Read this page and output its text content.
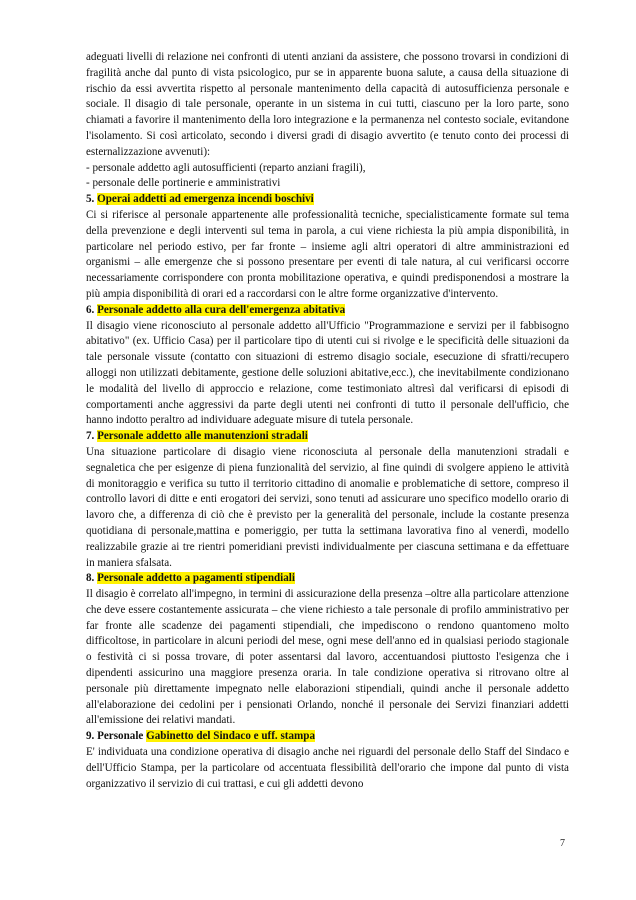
adeguati livelli di relazione nei confronti di utenti anziani da assistere, che possono trovarsi in condizioni di fragilità anche dal punto di vista psicologico, pur se in apparente buona salute, a causa della situazione di rischio da essi avvertita rispetto al personale mantenimento della capacità di autosufficienza personale e sociale. Il disagio di tale personale, operante in un sistema in cui tutti, ciascuno per la loro parte, sono chiamati a favorire il mantenimento della loro integrazione e la permanenza nel contesto sociale, evitandone l'isolamento. Si così articolato, secondo i diversi gradi di disagio avvertito (e tenuto conto dei processi di esternalizzazione avvenuti):

- personale addetto agli autosufficienti (reparto anziani fragili),

- personale delle portinerie e amministrativi

5. Operai addetti ad emergenza incendi boschivi

Ci si riferisce al personale appartenente alle professionalità tecniche, specialisticamente formate sul tema della prevenzione e degli interventi sul tema in parola, a cui viene richiesta la più ampia disponibilità, in particolare nel periodo estivo, per far fronte – insieme agli altri operatori di altre amministrazioni ed organismi – alle emergenze che si possono presentare per eventi di tale natura, al cui verificarsi occorre necessariamente corrispondere con pronta mobilitazione operativa, e quindi predisponendosi a mostrare la più ampia disponibilità di orari ed a raccordarsi con le altre forme organizzative d'intervento.

6. Personale addetto alla cura dell'emergenza abitativa

Il disagio viene riconosciuto al personale addetto all'Ufficio "Programmazione e servizi per il fabbisogno abitativo" (ex. Ufficio Casa) per il particolare tipo di utenti cui si rivolge e le specificità delle situazioni da tale personale vissute (contatto con situazioni di estremo disagio sociale, esecuzione di sfratti/recupero alloggi non utilizzati debitamente, gestione delle soluzioni abitative,ecc.), che inevitabilmente condizionano le modalità del livello di approccio e relazione, come testimoniato altresì dal verificarsi di episodi di comportamenti anche aggressivi da parte degli utenti nei confronti di tutto il personale dell'ufficio, che hanno indotto peraltro ad individuare adeguate misure di tutela personale.

7. Personale addetto alle manutenzioni stradali

Una situazione particolare di disagio viene riconosciuta al personale della manutenzioni stradali e segnaletica che per esigenze di piena funzionalità del servizio, al fine quindi di svolgere appieno le attività di monitoraggio e verifica su tutto il territorio cittadino di anomalie e problematiche di settore, compreso il controllo lavori di ditte e enti erogatori dei servizi, sono tenuti ad assicurare uno specifico modello orario di lavoro che, a differenza di ciò che è previsto per la generalità del personale, include la costante presenza quotidiana di personale,mattina e pomeriggio, per tutta la settimana lavorativa fino al venerdì, modello realizzabile grazie ai tre rientri pomeridiani previsti individualmente per ciascuna settimana e da effettuare in maniera sfalsata.

8. Personale addetto a pagamenti stipendiali

Il disagio è correlato all'impegno, in termini di assicurazione della presenza –oltre alla particolare attenzione che deve essere costantemente assicurata – che viene richiesto a tale personale di profilo amministrativo per far fronte alle scadenze dei pagamenti stipendiali, che impediscono o rendono quantomeno molto difficoltose, in particolare in alcuni periodi del mese, ogni mese dell'anno ed in qualsiasi periodo stagionale o festività ci si possa trovare, di poter assentarsi dal lavoro, accentuandosi piuttosto l'esigenza che i dipendenti assicurino una maggiore presenza oraria. In tale condizione operativa si ritrovano oltre al personale più direttamente impegnato nelle elaborazioni stipendiali, quindi anche il personale addetto all'elaborazione dei cedolini per i pensionati Orlando, nonché il personale dei Servizi finanziari addetti all'emissione dei relativi mandati.

9. Personale Gabinetto del Sindaco e uff. stampa

E' individuata una condizione operativa di disagio anche nei riguardi del personale dello Staff del Sindaco e dell'Ufficio Stampa, per la particolare od accentuata flessibilità dell'orario che impone dal punto di vista organizzativo il servizio di cui trattasi, e cui gli addetti devono

7
